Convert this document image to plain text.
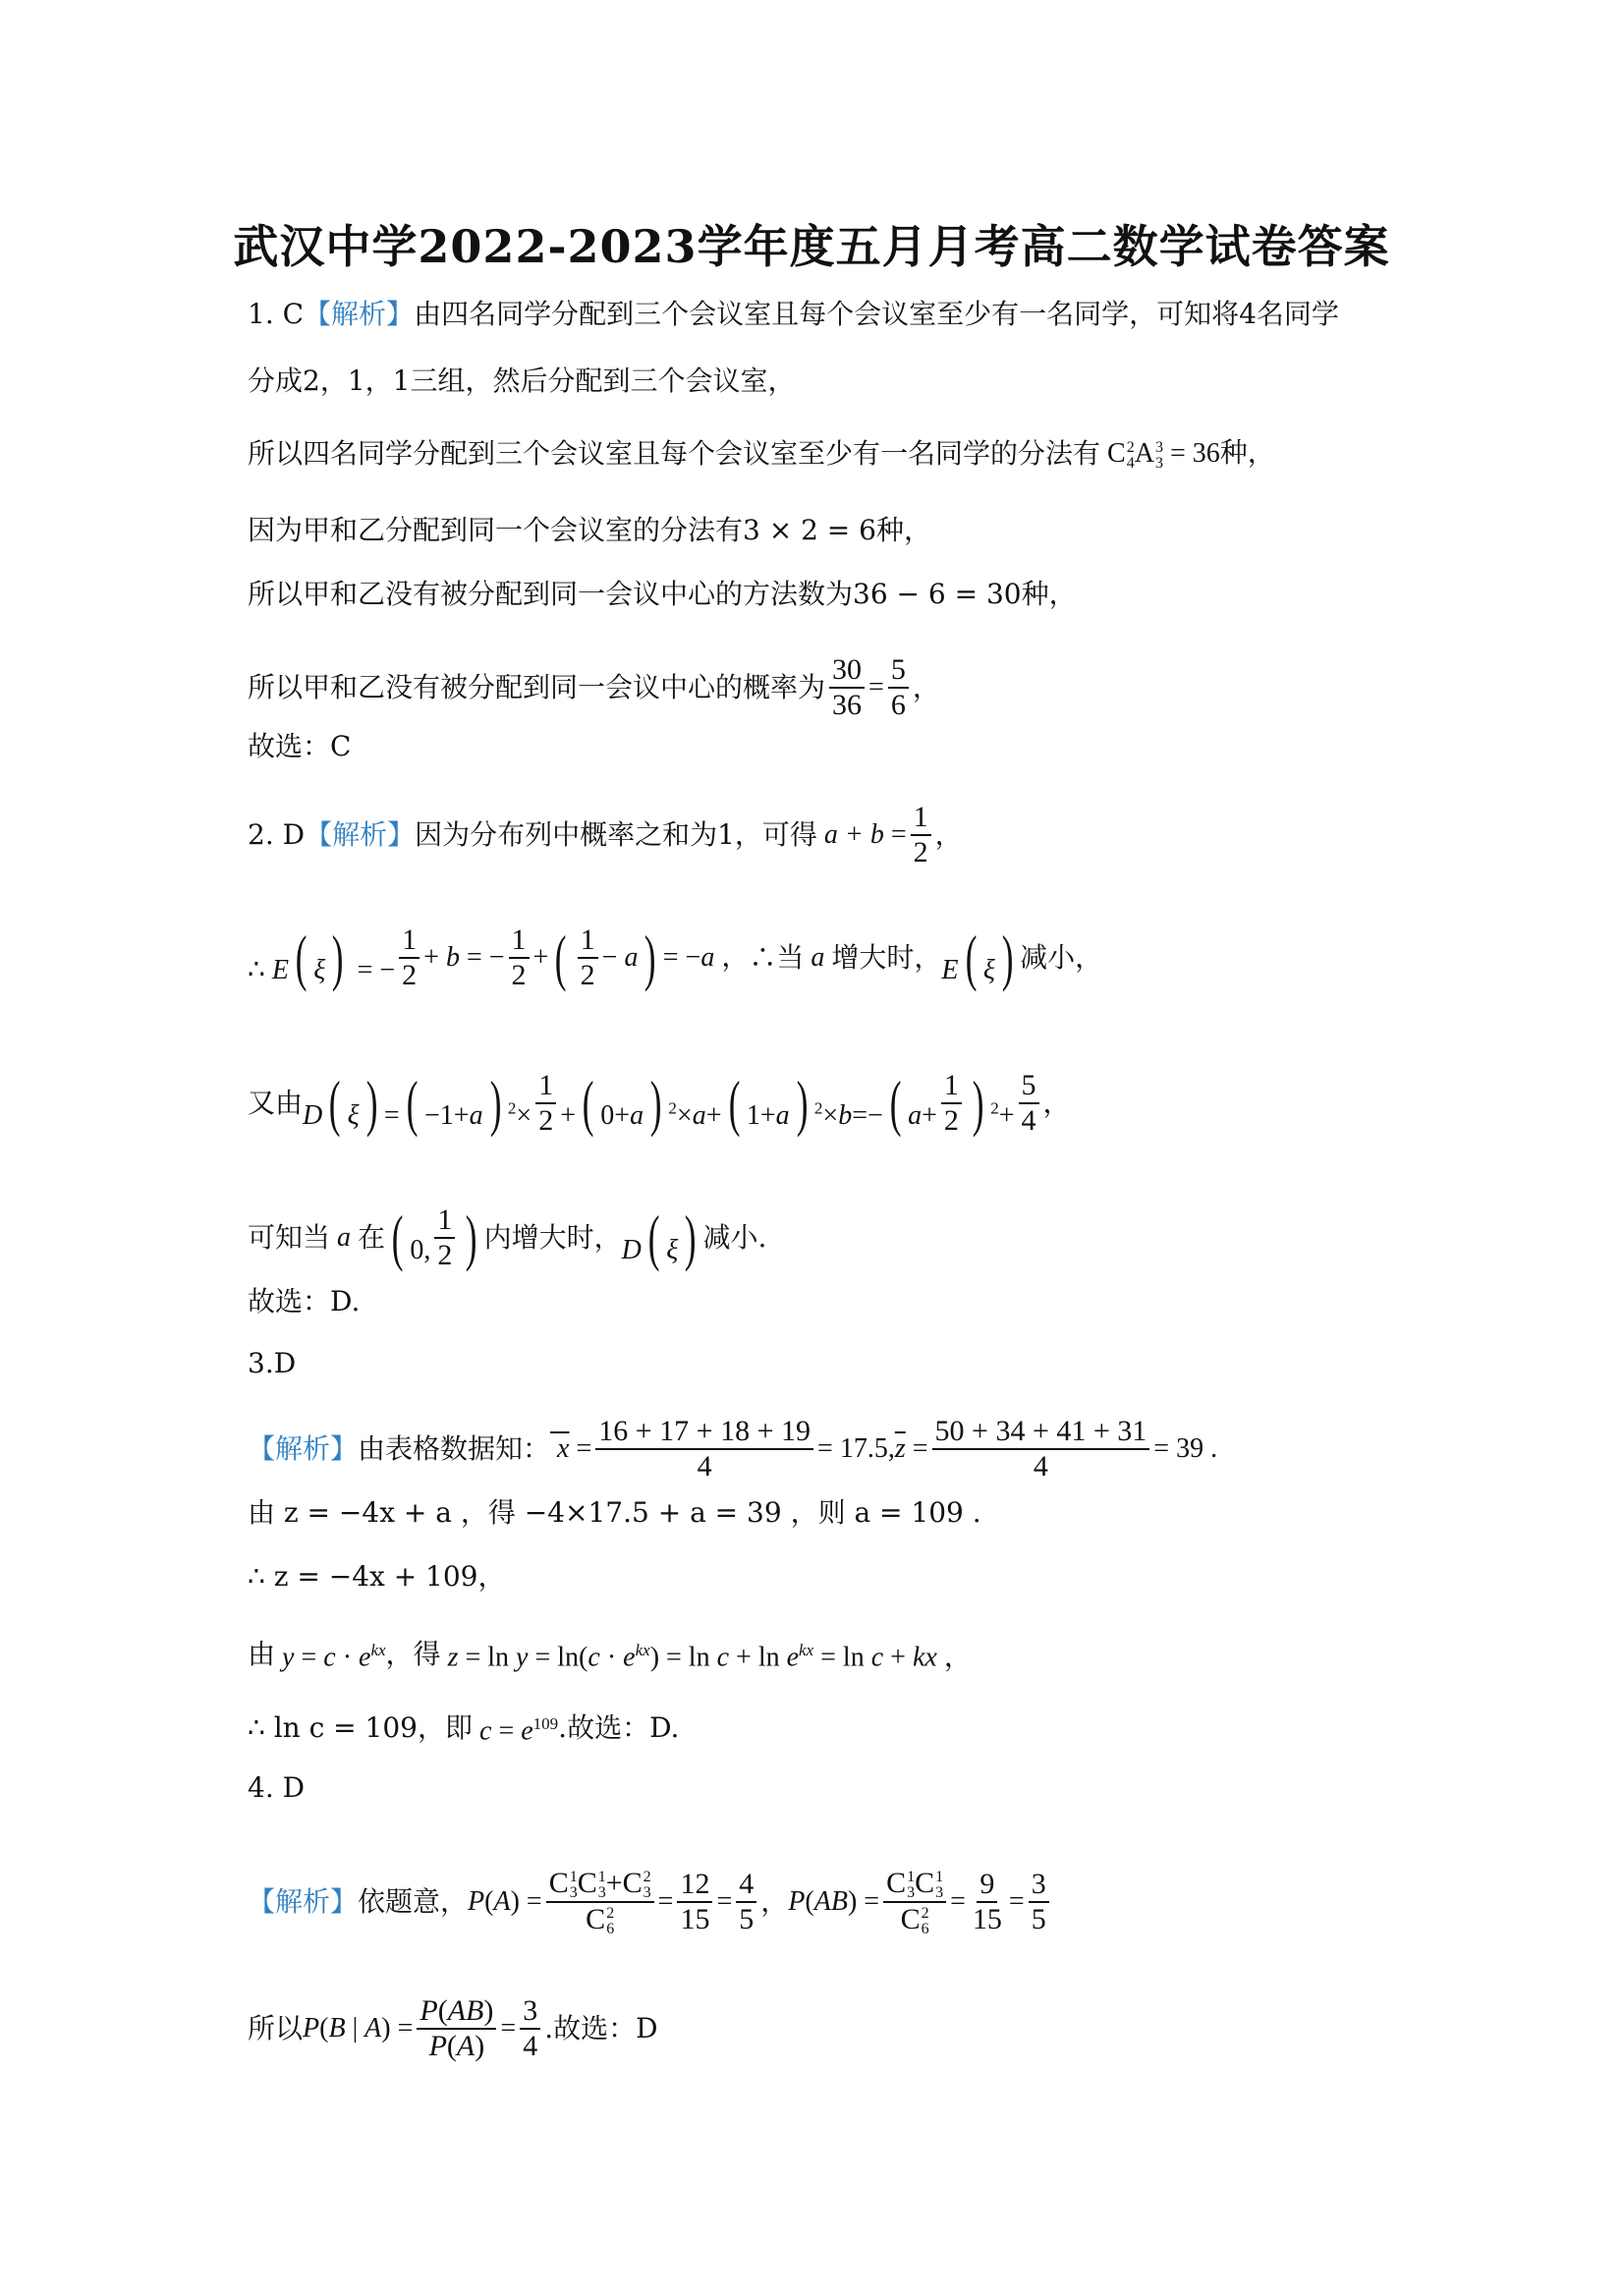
武汉中学2022-2023学年度五月月考高二数学试卷答案
1. C 【解析】 由四名同学分配到三个会议室且每个会议室至少有一名同学，可知将4名同学
分成2，1，1三组，然后分配到三个会议室，
所以四名同学分配到三个会议室且每个会议室至少有一名同学的分法有 C 2
4 A 3
3
= 36种，
因为甲和乙分配到同一个会议室的分法有3 × 2 = 6种，
所以甲和乙没有被分配到同一会议中心的方法数为36 − 6 = 30种，
所以甲和乙没有被分配到同一会议中心的概率为 $\frac{30}{36} = \frac{5}{6}$ ，
故选：C
2. D 【解析】 因为分布列中概率之和为1，可得 $a + b = \frac{1}{2}$ ，
∴ E ( ξ ) = − $\frac{1}{2} + b$ = − $\frac{1}{2}$ + ( $\frac{1}{2} - a$ ) = −a ， ∴当 a 增大时， E ( ξ ) 减小，
又由 D ( ξ ) = ( −1+a ) $^2\times \frac{1}{2}$ + ( 0+a ) $^2$×a+ ( 1+a ) $^2$×b=− ( $a+ \frac{1}{2}$ ) $^2+ \frac{5}{4}$ ，
可知当 a 在 ( 0, $\frac{1}{2}$ ) 内增大时， D ( ξ ) 减小.
故选：D.
3.D
【解析】 由表格数据知： $x = \frac{16 + 17 + 18 + 19}{4} = 17.5$, $\overline{z} = \frac{50 + 34 + 41 + 31}{4} = 39$ .
由 z = −4x + a ，得 −4×17.5 + a = 39 ，则 a = 109 .
∴ z = −4x + 109，
由 $y = c \cdot e^{kx}$ ，得 $z = \ln y = \ln(c \cdot e^{kx}) = \ln c + \ln e^{kx} = \ln c$ + kx ，
∴ ln c = 109，即 $c = e^{109}$ .故选：D.
4. D
【解析】 依题意， P(A) = C 1
3 C 1
3 +C 2
3
C 2
$6 = \frac{12}{15} = \frac{4}{5}$ ， P(AB) = C 1
3 C 1
3
C 2
$6 = \frac{9}{15} = \frac{3}{5}$
所以 P(B | $A) = \frac{P(AB)}{P(A)} = \frac{3}{4}$ .故选：D
